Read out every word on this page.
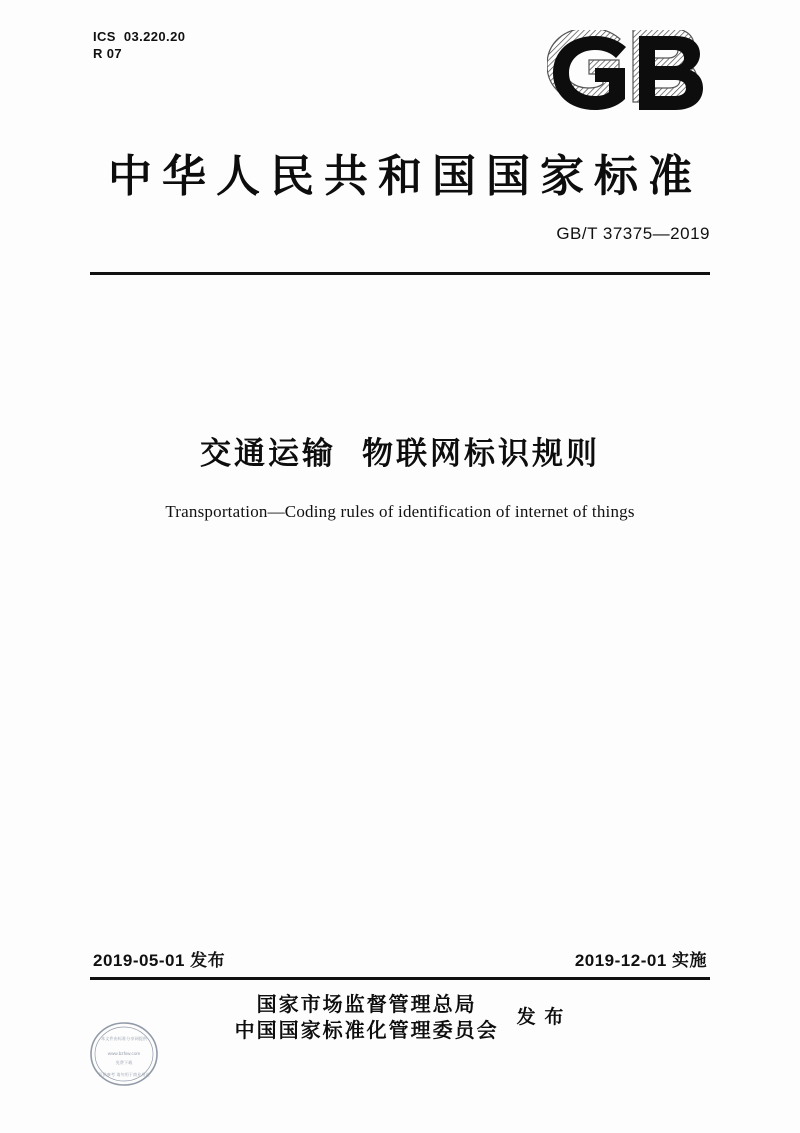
ICS  03.220.20
R 07
中华人民共和国国家标准
GB/T 37375—2019
交通运输 物联网标识规则
Transportation—Coding rules of identification of internet of things
2019-05-01 发布	2019-12-01 实施
国家市场监督管理总局
中国国家标准化管理委员会
发 布
本文件由标准分享网提供
www.bzfxw.com
免费下载
仅供参考 请勿用于商业用途
